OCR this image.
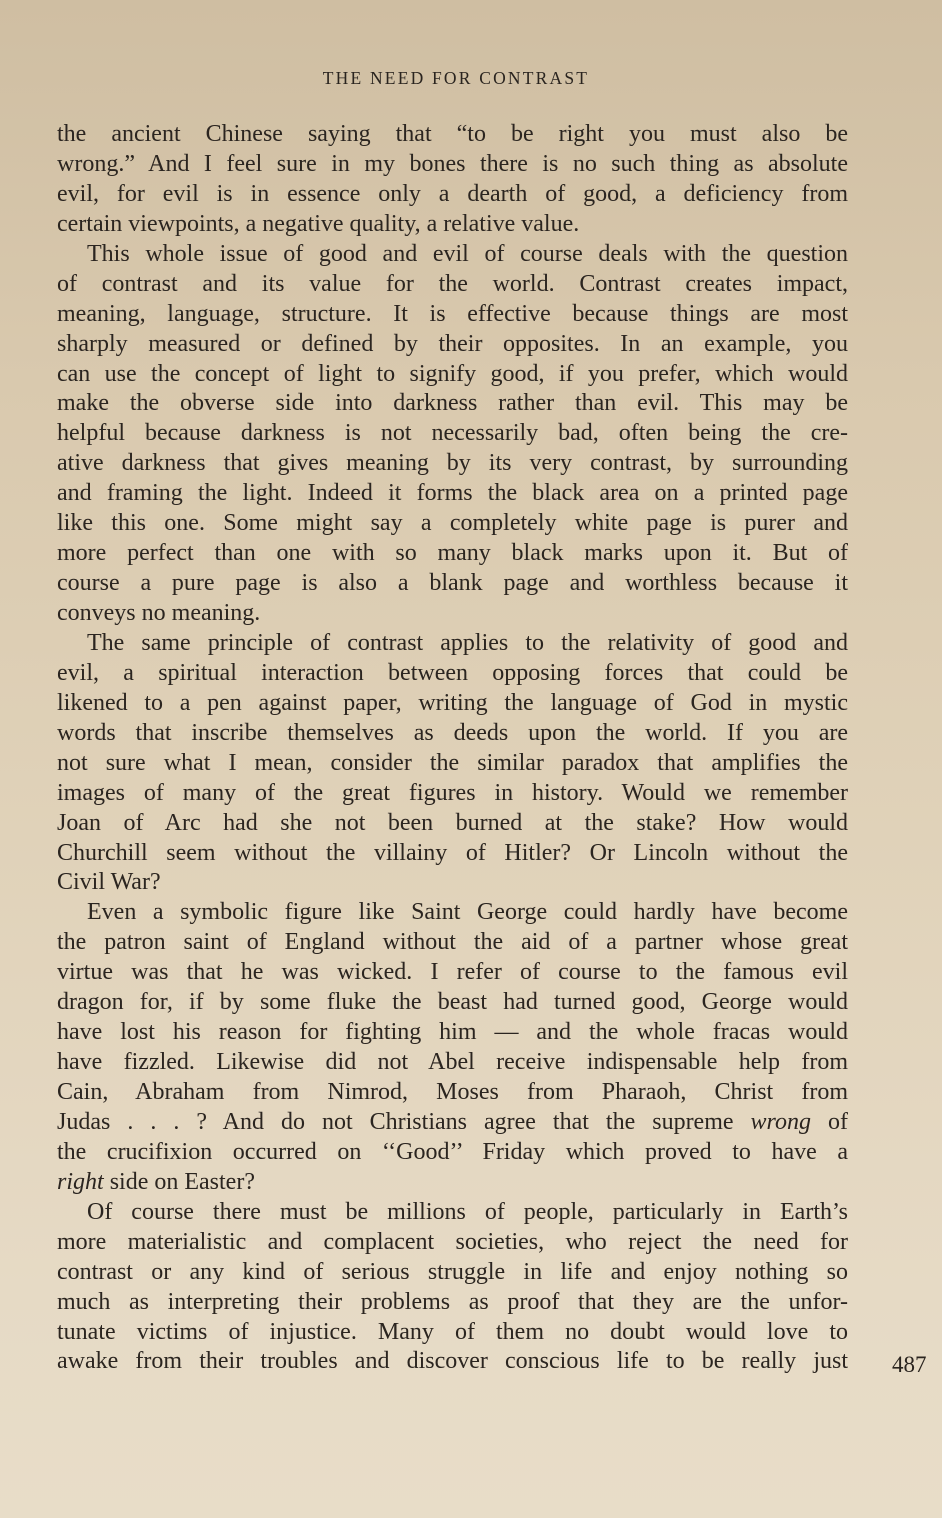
THE NEED FOR CONTRAST
the ancient Chinese saying that “to be right you must also be
wrong.” And I feel sure in my bones there is no such thing as absolute
evil, for evil is in essence only a dearth of good, a deficiency from
certain viewpoints, a negative quality, a relative value.
This whole issue of good and evil of course deals with the question
of contrast and its value for the world. Contrast creates impact,
meaning, language, structure. It is effective because things are most
sharply measured or defined by their opposites. In an example, you
can use the concept of light to signify good, if you prefer, which would
make the obverse side into darkness rather than evil. This may be
helpful because darkness is not necessarily bad, often being the cre-
ative darkness that gives meaning by its very contrast, by surrounding
and framing the light. Indeed it forms the black area on a printed page
like this one. Some might say a completely white page is purer and
more perfect than one with so many black marks upon it. But of
course a pure page is also a blank page and worthless because it
conveys no meaning.
The same principle of contrast applies to the relativity of good and
evil, a spiritual interaction between opposing forces that could be
likened to a pen against paper, writing the language of God in mystic
words that inscribe themselves as deeds upon the world. If you are
not sure what I mean, consider the similar paradox that amplifies the
images of many of the great figures in history. Would we remember
Joan of Arc had she not been burned at the stake? How would
Churchill seem without the villainy of Hitler? Or Lincoln without the
Civil War?
Even a symbolic figure like Saint George could hardly have become
the patron saint of England without the aid of a partner whose great
virtue was that he was wicked. I refer of course to the famous evil
dragon for, if by some fluke the beast had turned good, George would
have lost his reason for fighting him — and the whole fracas would
have fizzled. Likewise did not Abel receive indispensable help from
Cain, Abraham from Nimrod, Moses from Pharaoh, Christ from
Judas . . . ? And do not Christians agree that the supreme wrong of
the crucifixion occurred on ‘‘Good’’ Friday which proved to have a
right side on Easter?
Of course there must be millions of people, particularly in Earth’s
more materialistic and complacent societies, who reject the need for
contrast or any kind of serious struggle in life and enjoy nothing so
much as interpreting their problems as proof that they are the unfor-
tunate victims of injustice. Many of them no doubt would love to
awake from their troubles and discover conscious life to be really just 487
